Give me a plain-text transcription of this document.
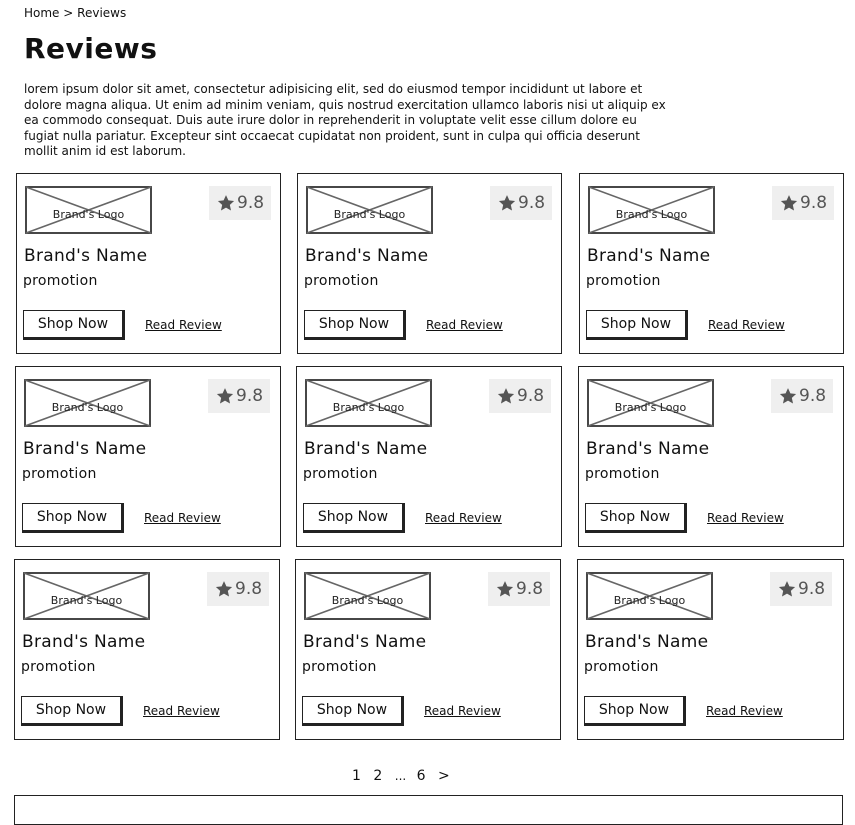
Home > Reviews
Reviews

lorem ipsum dolor sit amet, consectetur adipisicing elit, sed do eiusmod tempor incididunt ut labore et dolore magna aliqua. Ut enim ad minim veniam, quis nostrud exercitation ullamco laboris nisi ut aliquip ex ea commodo consequat. Duis aute irure dolor in reprehenderit in voluptate velit esse cillum dolore eu fugiat nulla pariatur. Excepteur sint occaecat cupidatat non proident, sunt in culpa qui officia deserunt mollit anim id est laborum.

Brand's Logo
9.8
Brand's Name
promotion
Shop Now	Read Review
Brand's Logo
9.8
Brand's Name
promotion
Shop Now	Read Review
Brand's Logo
9.8
Brand's Name
promotion
Shop Now	Read Review
Brand's Logo
9.8
Brand's Name
promotion
Shop Now	Read Review
Brand's Logo
9.8
Brand's Name
promotion
Shop Now	Read Review
Brand's Logo
9.8
Brand's Name
promotion
Shop Now	Read Review
Brand's Logo
9.8
Brand's Name
promotion
Shop Now	Read Review
Brand's Logo
9.8
Brand's Name
promotion
Shop Now	Read Review
Brand's Logo
9.8
Brand's Name
promotion
Shop Now	Read Review
1 2 ... 6 >
